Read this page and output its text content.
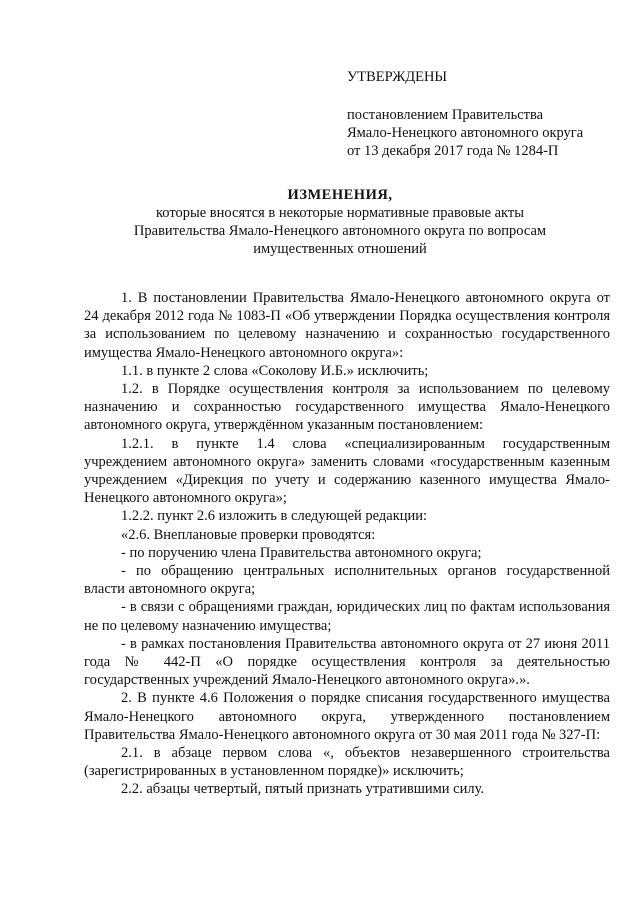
УТВЕРЖДЕНЫ
постановлением Правительства
Ямало-Ненецкого автономного округа
от 13 декабря 2017 года № 1284-П
ИЗМЕНЕНИЯ,
которые вносятся в некоторые нормативные правовые акты
Правительства Ямало-Ненецкого автономного округа по вопросам
имущественных отношений

1. В постановлении Правительства Ямало-Ненецкого автономного округа от 24 декабря 2012 года № 1083-П «Об утверждении Порядка осуществления контроля за использованием по целевому назначению и сохранностью государственного имущества Ямало-Ненецкого автономного округа»:

1.1. в пункте 2 слова «Соколову И.Б.» исключить;

1.2. в Порядке осуществления контроля за использованием по целевому назначению и сохранностью государственного имущества Ямало-Ненецкого автономного округа, утверждённом указанным постановлением:

1.2.1. в пункте 1.4 слова «специализированным государственным учреждением автономного округа» заменить словами «государственным казенным учреждением «Дирекция по учету и содержанию казенного имущества Ямало-Ненецкого автономного округа»;

1.2.2. пункт 2.6 изложить в следующей редакции:

«2.6. Внеплановые проверки проводятся:

- по поручению члена Правительства автономного округа;

- по обращению центральных исполнительных органов государственной власти автономного округа;

- в связи с обращениями граждан, юридических лиц по фактам использования не по целевому назначению имущества;

- в рамках постановления Правительства автономного округа от 27 июня 2011 года № 442-П «О порядке осуществления контроля за деятельностью государственных учреждений Ямало-Ненецкого автономного округа».».

2. В пункте 4.6 Положения о порядке списания государственного имущества Ямало-Ненецкого автономного округа, утвержденного постановлением Правительства Ямало-Ненецкого автономного округа от 30 мая 2011 года № 327-П:

2.1. в абзаце первом слова «, объектов незавершенного строительства (зарегистрированных в установленном порядке)» исключить;

2.2. абзацы четвертый, пятый признать утратившими силу.
